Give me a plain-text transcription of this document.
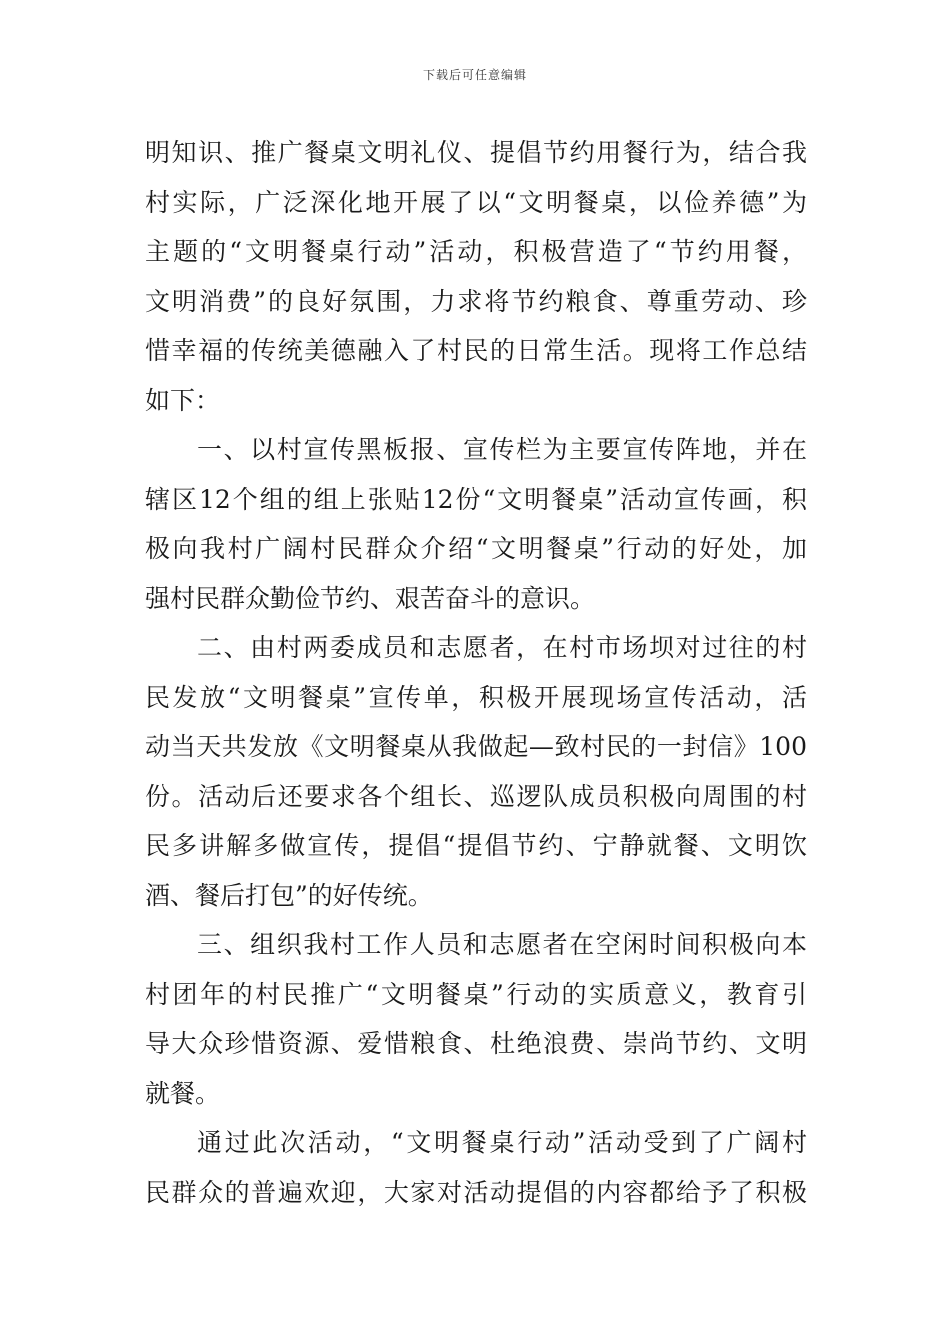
下载后可任意编辑
明知识、推广餐桌文明礼仪、提倡节约用餐行为，结合我
村实际，广泛深化地开展了以“文明餐桌，以俭养德”为
主题的“文明餐桌行动”活动，积极营造了“节约用餐，
文明消费”的良好氛围，力求将节约粮食、尊重劳动、珍
惜幸福的传统美德融入了村民的日常生活。现将工作总结
如下：
一、以村宣传黑板报、宣传栏为主要宣传阵地，并在
辖区12个组的组上张贴12份“文明餐桌”活动宣传画，积
极向我村广阔村民群众介绍“文明餐桌”行动的好处，加
强村民群众勤俭节约、艰苦奋斗的意识。
二、由村两委成员和志愿者，在村市场坝对过往的村
民发放“文明餐桌”宣传单，积极开展现场宣传活动，活
动当天共发放《文明餐桌从我做起—致村民的一封信》100
份。活动后还要求各个组长、巡逻队成员积极向周围的村
民多讲解多做宣传，提倡“提倡节约、宁静就餐、文明饮
酒、餐后打包”的好传统。
三、组织我村工作人员和志愿者在空闲时间积极向本
村团年的村民推广“文明餐桌”行动的实质意义，教育引
导大众珍惜资源、爱惜粮食、杜绝浪费、崇尚节约、文明
就餐。
通过此次活动，“文明餐桌行动”活动受到了广阔村
民群众的普遍欢迎，大家对活动提倡的内容都给予了积极
